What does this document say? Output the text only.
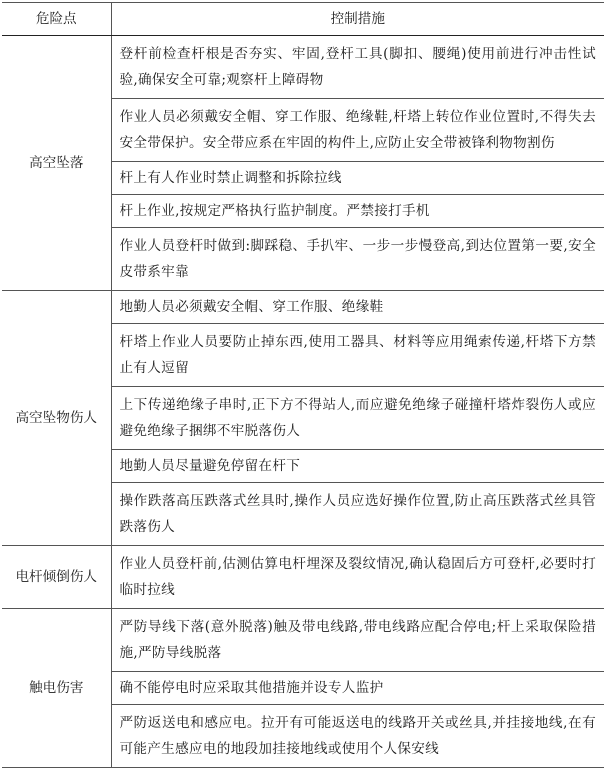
危险点	控制措施
高空坠落	登杆前检查杆根是否夯实、牢固,登杆工具(脚扣、腰绳)使用前进行冲击性试验,确保安全可靠;观察杆上障碍物
	作业人员必须戴安全帽、穿工作服、绝缘鞋,杆塔上转位作业位置时,不得失去安全带保护。安全带应系在牢固的构件上,应防止安全带被锋利物物割伤
	杆上有人作业时禁止调整和拆除拉线
	杆上作业,按规定严格执行监护制度。严禁接打手机
	作业人员登杆时做到:脚踩稳、手扒牢、一步一步慢登高,到达位置第一要,安全皮带系牢靠
高空坠物伤人	地勤人员必须戴安全帽、穿工作服、绝缘鞋
	杆塔上作业人员要防止掉东西,使用工器具、材料等应用绳索传递,杆塔下方禁止有人逗留
	上下传递绝缘子串时,正下方不得站人,而应避免绝缘子碰撞杆塔炸裂伤人或应避免绝缘子捆绑不牢脱落伤人
	地勤人员尽量避免停留在杆下
	操作跌落高压跌落式丝具时,操作人员应选好操作位置,防止高压跌落式丝具管跌落伤人
电杆倾倒伤人	作业人员登杆前,估测估算电杆埋深及裂纹情况,确认稳固后方可登杆,必要时打临时拉线
触电伤害	严防导线下落(意外脱落)触及带电线路,带电线路应配合停电;杆上采取保险措施,严防导线脱落
	确不能停电时应采取其他措施并设专人监护
	严防返送电和感应电。拉开有可能返送电的线路开关或丝具,并挂接地线,在有可能产生感应电的地段加挂接地线或使用个人保安线
